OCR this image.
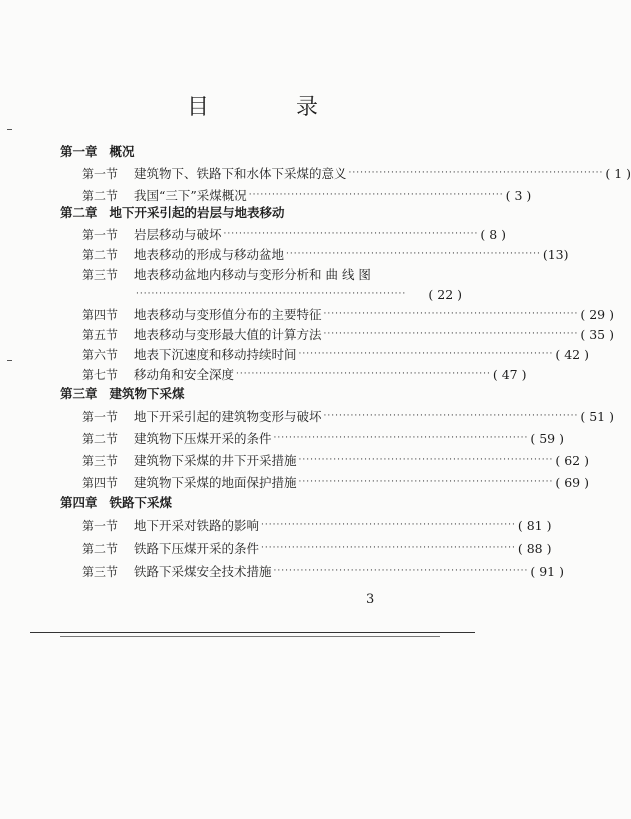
目 录
第一章 概况
第一节	建筑物下、铁路下和水体下采煤的意义 ·································································· ( 1 )
第二节	我国“三下”采煤概况 ·································································· ( 3 )
第二章 地下开采引起的岩层与地表移动
第一节	岩层移动与破坏 ·································································· ( 8 )
第二节	地表移动的形成与移动盆地 ·································································· (13)
第三节	地表移动盆地内移动与变形分析和 曲 线 图
······································································	( 22 )
第四节	地表移动与变形值分布的主要特征 ·································································· ( 29 )
第五节	地表移动与变形最大值的计算方法 ·································································· ( 35 )
第六节	地表下沉速度和移动持续时间 ·································································· ( 42 )
第七节	移动角和安全深度 ·································································· ( 47 )
第三章 建筑物下采煤
第一节	地下开采引起的建筑物变形与破坏 ·································································· ( 51 )
第二节	建筑物下压煤开采的条件 ·································································· ( 59 )
第三节	建筑物下采煤的井下开采措施 ·································································· ( 62 )
第四节	建筑物下采煤的地面保护措施 ·································································· ( 69 )
第四章 铁路下采煤
第一节	地下开采对铁路的影响 ·································································· ( 81 )
第二节	铁路下压煤开采的条件 ·································································· ( 88 )
第三节	铁路下采煤安全技术措施 ·································································· ( 91 )
3
